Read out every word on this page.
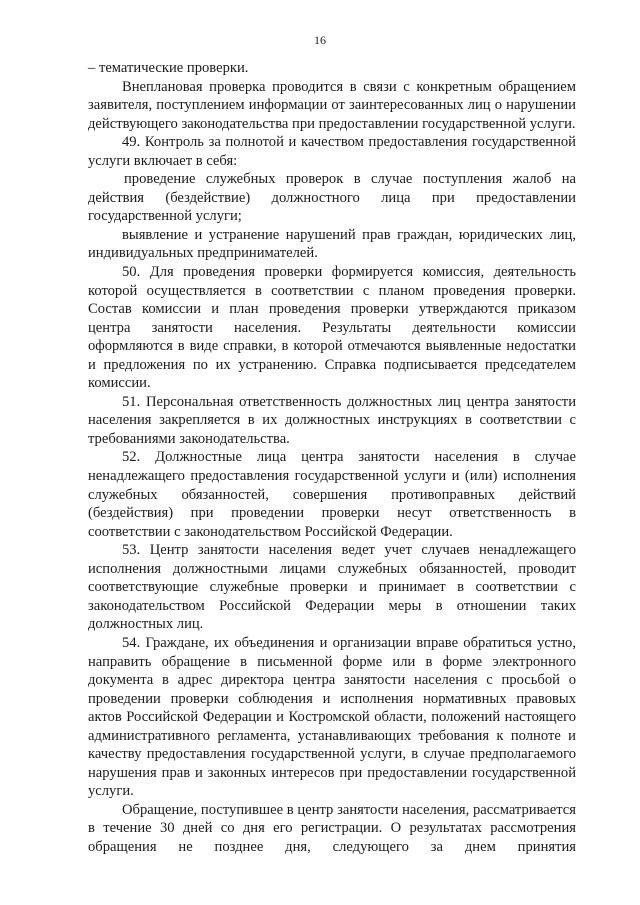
16

– тематические проверки.

Внеплановая проверка проводится в связи с конкретным обращением заявителя, поступлением информации от заинтересованных лиц о нарушении действующего законодательства при предоставлении государственной услуги.

49. Контроль за полнотой и качеством предоставления государственной услуги включает в себя:

проведение служебных проверок в случае поступления жалоб на действия (бездействие) должностного лица при предоставлении государственной услуги;

выявление и устранение нарушений прав граждан, юридических лиц, индивидуальных предпринимателей.

50. Для проведения проверки формируется комиссия, деятельность которой осуществляется в соответствии с планом проведения проверки. Состав комиссии и план проведения проверки утверждаются приказом центра занятости населения. Результаты деятельности комиссии оформляются в виде справки, в которой отмечаются выявленные недостатки и предложения по их устранению. Справка подписывается председателем комиссии.

51. Персональная ответственность должностных лиц центра занятости населения закрепляется в их должностных инструкциях в соответствии с требованиями законодательства.

52. Должностные лица центра занятости населения в случае ненадлежащего предоставления государственной услуги и (или) исполнения служебных обязанностей, совершения противоправных действий (бездействия) при проведении проверки несут ответственность в соответствии с законодательством Российской Федерации.

53. Центр занятости населения ведет учет случаев ненадлежащего исполнения должностными лицами служебных обязанностей, проводит соответствующие служебные проверки и принимает в соответствии с законодательством Российской Федерации меры в отношении таких должностных лиц.

54. Граждане, их объединения и организации вправе обратиться устно, направить обращение в письменной форме или в форме электронного документа в адрес директора центра занятости населения с просьбой о проведении проверки соблюдения и исполнения нормативных правовых актов Российской Федерации и Костромской области, положений настоящего административного регламента, устанавливающих требования к полноте и качеству предоставления государственной услуги, в случае предполагаемого нарушения прав и законных интересов при предоставлении государственной услуги.

Обращение, поступившее в центр занятости населения, рассматривается в течение 30 дней со дня его регистрации. О результатах рассмотрения обращения не позднее дня, следующего за днем принятия
